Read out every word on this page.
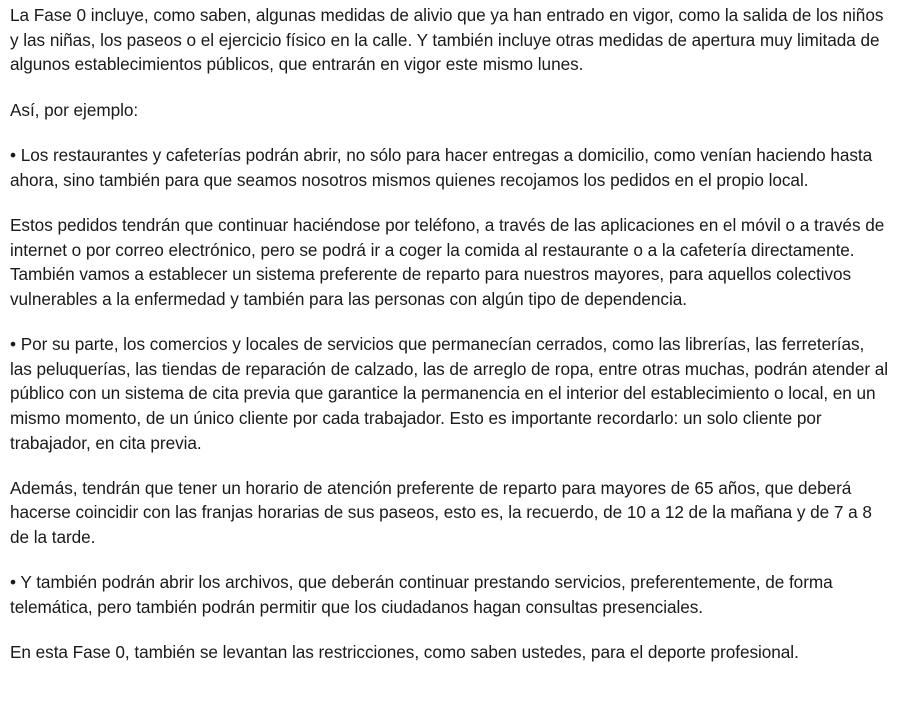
La Fase 0 incluye, como saben, algunas medidas de alivio que ya han entrado en vigor, como la salida de los niños y las niñas, los paseos o el ejercicio físico en la calle. Y también incluye otras medidas de apertura muy limitada de algunos establecimientos públicos, que entrarán en vigor este mismo lunes.

Así, por ejemplo:

• Los restaurantes y cafeterías podrán abrir, no sólo para hacer entregas a domicilio, como venían haciendo hasta ahora, sino también para que seamos nosotros mismos quienes recojamos los pedidos en el propio local.

Estos pedidos tendrán que continuar haciéndose por teléfono, a través de las aplicaciones en el móvil o a través de internet o por correo electrónico, pero se podrá ir a coger la comida al restaurante o a la cafetería directamente. También vamos a establecer un sistema preferente de reparto para nuestros mayores, para aquellos colectivos vulnerables a la enfermedad y también para las personas con algún tipo de dependencia.

• Por su parte, los comercios y locales de servicios que permanecían cerrados, como las librerías, las ferreterías, las peluquerías, las tiendas de reparación de calzado, las de arreglo de ropa, entre otras muchas, podrán atender al público con un sistema de cita previa que garantice la permanencia en el interior del establecimiento o local, en un mismo momento, de un único cliente por cada trabajador. Esto es importante recordarlo: un solo cliente por trabajador, en cita previa.

Además, tendrán que tener un horario de atención preferente de reparto para mayores de 65 años, que deberá hacerse coincidir con las franjas horarias de sus paseos, esto es, la recuerdo, de 10 a 12 de la mañana y de 7 a 8 de la tarde.

• Y también podrán abrir los archivos, que deberán continuar prestando servicios, preferentemente, de forma telemática, pero también podrán permitir que los ciudadanos hagan consultas presenciales.

En esta Fase 0, también se levantan las restricciones, como saben ustedes, para el deporte profesional.
